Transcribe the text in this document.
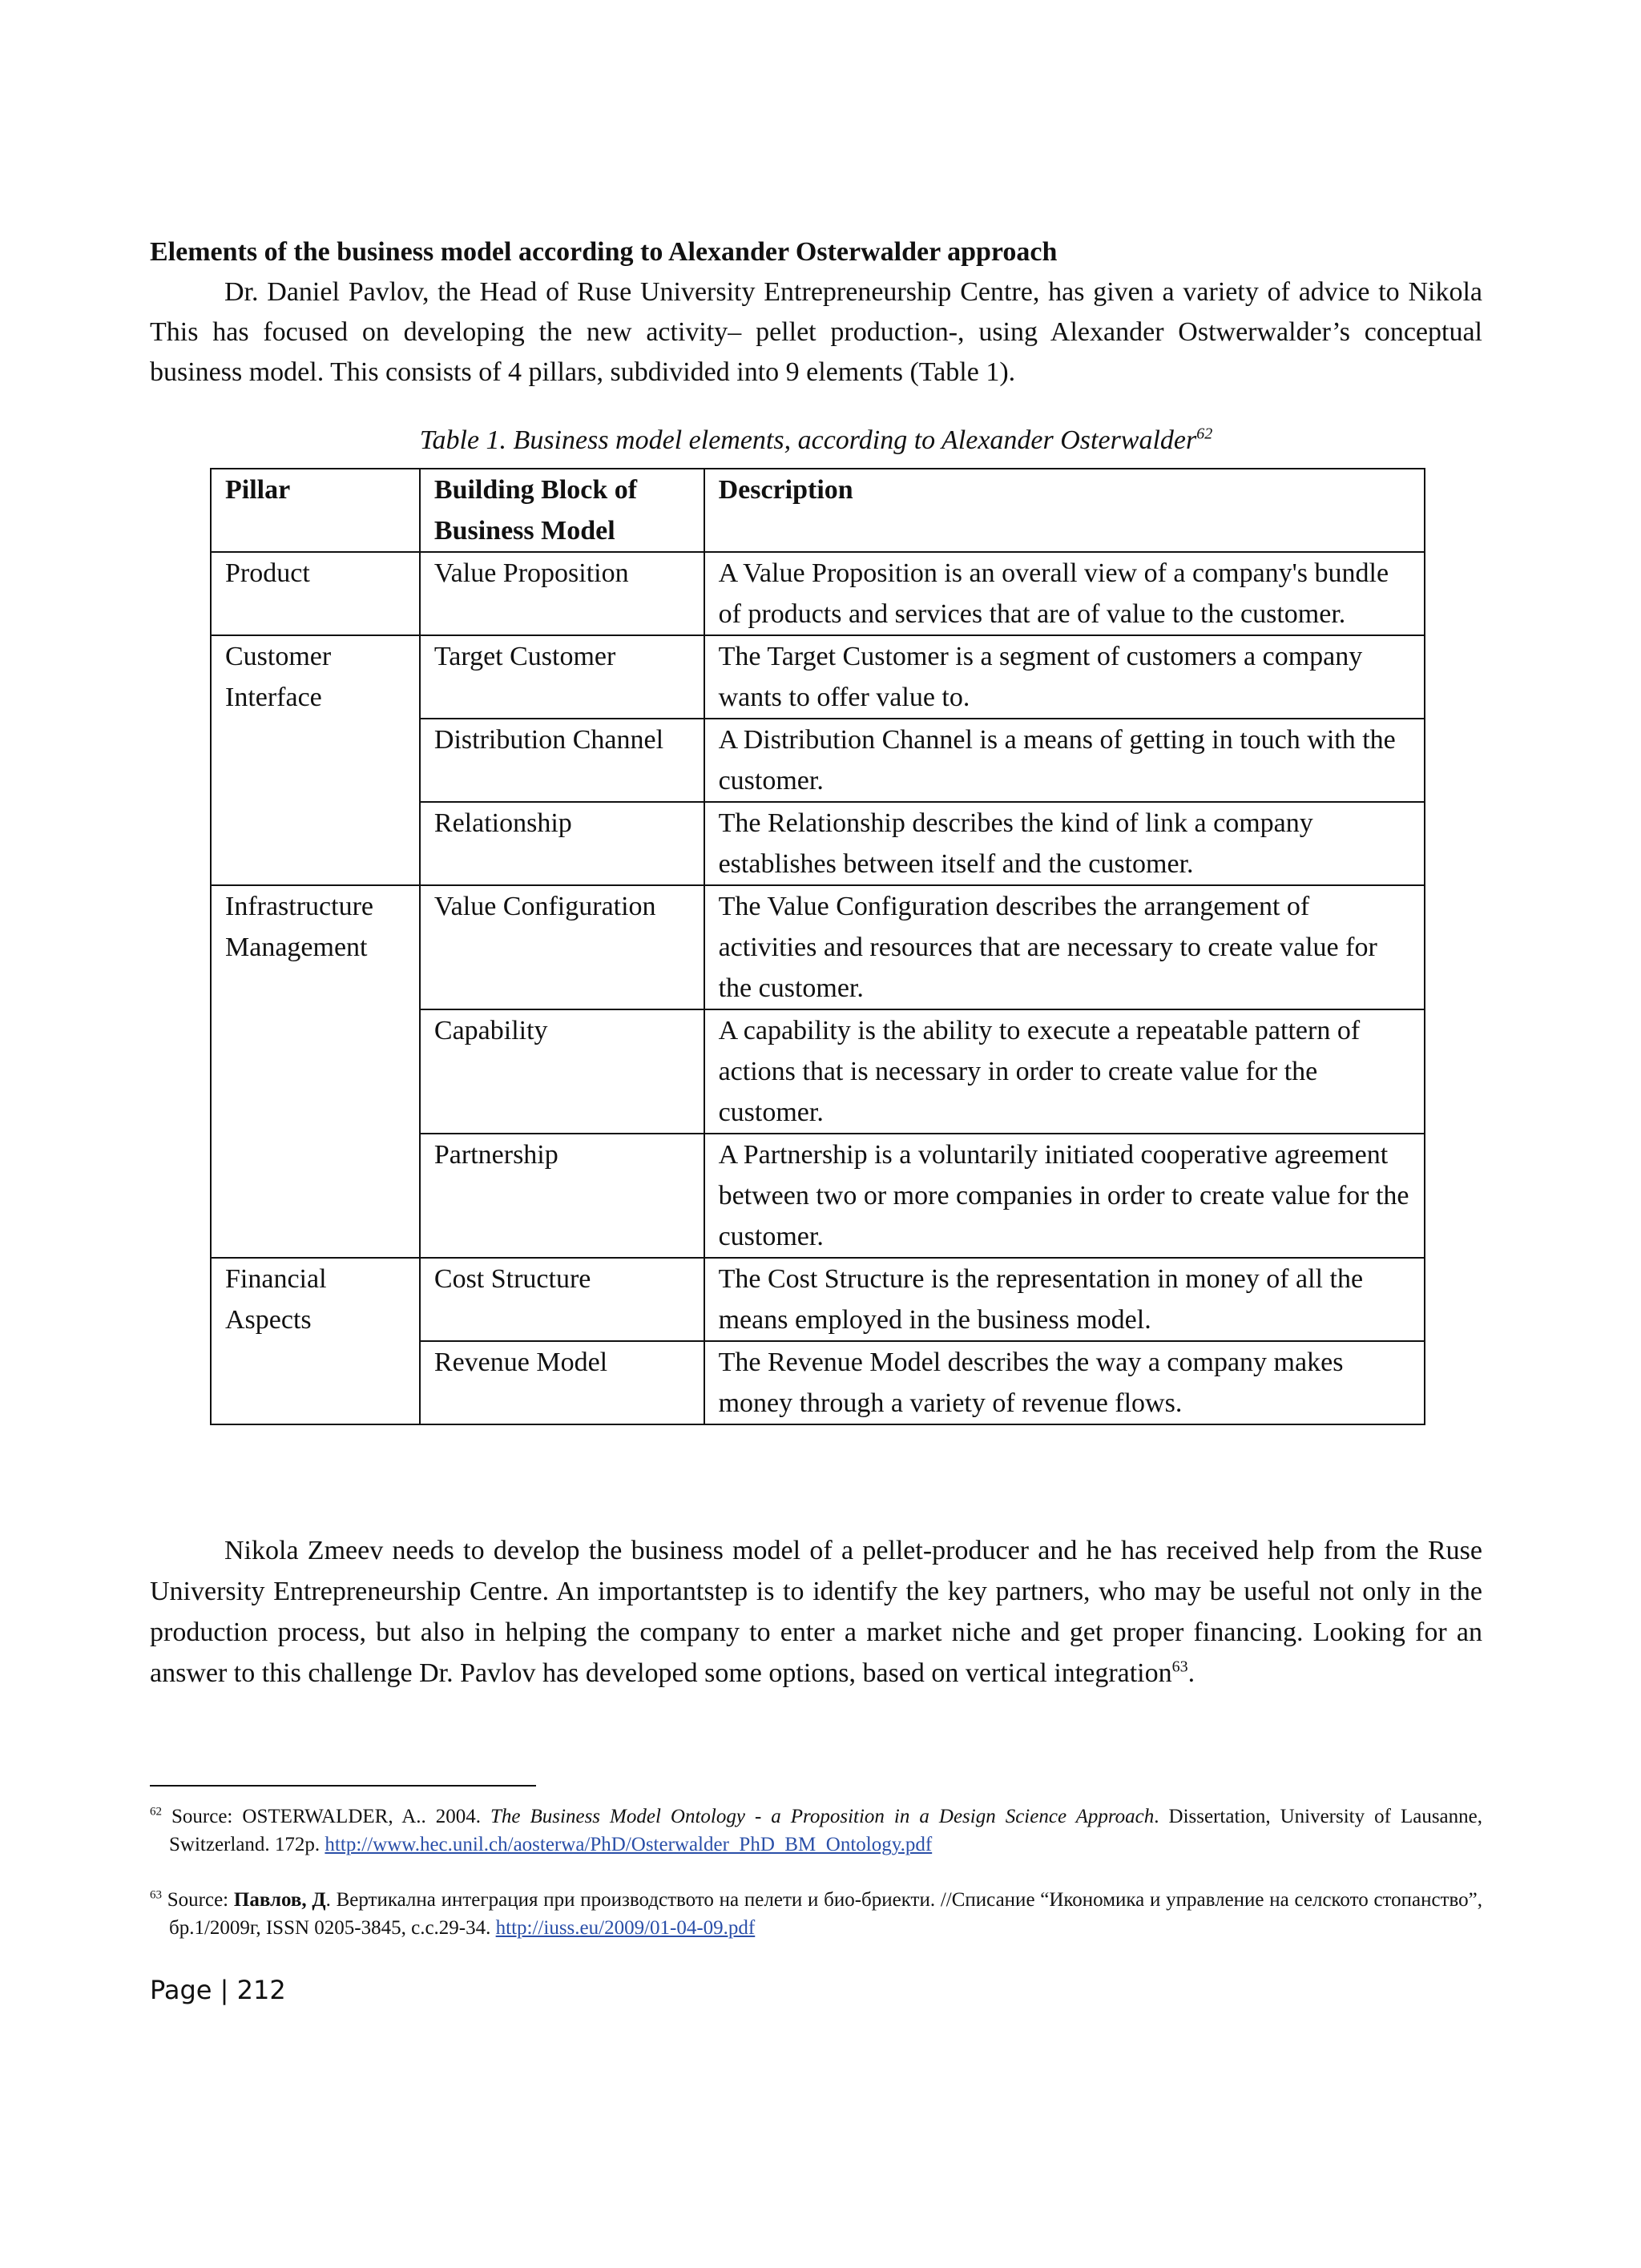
Elements of the business model according to Alexander Osterwalder approach

Dr. Daniel Pavlov, the Head of Ruse University Entrepreneurship Centre, has given a variety of advice to Nikola This has focused on developing the new activity– pellet production-, using Alexander Ostwerwalder’s conceptual business model. This consists of 4 pillars, subdivided into 9 elements (Table 1).

Table 1. Business model elements, according to Alexander Osterwalder$^{62}$

Pillar	Building Block of Business Model	Description
Product	Value Proposition	A Value Proposition is an overall view of a company's bundle of products and services that are of value to the customer.
Customer Interface	Target Customer	The Target Customer is a segment of customers a company wants to offer value to.
	Distribution Channel	A Distribution Channel is a means of getting in touch with the customer.
	Relationship	The Relationship describes the kind of link a company establishes between itself and the customer.
Infrastructure Management	Value Configuration	The Value Configuration describes the arrangement of activities and resources that are necessary to create value for the customer.
	Capability	A capability is the ability to execute a repeatable pattern of actions that is necessary in order to create value for the customer.
	Partnership	A Partnership is a voluntarily initiated cooperative agreement between two or more companies in order to create value for the customer.
Financial Aspects	Cost Structure	The Cost Structure is the representation in money of all the means employed in the business model.
	Revenue Model	The Revenue Model describes the way a company makes money through a variety of revenue flows.

Nikola Zmeev needs to develop the business model of a pellet-producer and he has received help from the Ruse University Entrepreneurship Centre. An importantstep is to identify the key partners, who may be useful not only in the production process, but also in helping the company to enter a market niche and get proper financing. Looking for an answer to this challenge Dr. Pavlov has developed some options, based on vertical integration$^{63}$.

$^{62}$ Source: OSTERWALDER, A.. 2004. The Business Model Ontology - a Proposition in a Design Science Approach. Dissertation, University of Lausanne, Switzerland. 172p. http://www.hec.unil.ch/aosterwa/PhD/Osterwalder_PhD_BM_Ontology.pdf

$^{63}$ Source: Павлов, Д. Вертикална интеграция при производството на пелети и био-бриекти. //Списание “Икономика и управление на селското стопанство”, бр.1/2009г, ISSN 0205-3845, с.с.29-34. http://iuss.eu/2009/01-04-09.pdf

Page | 212
